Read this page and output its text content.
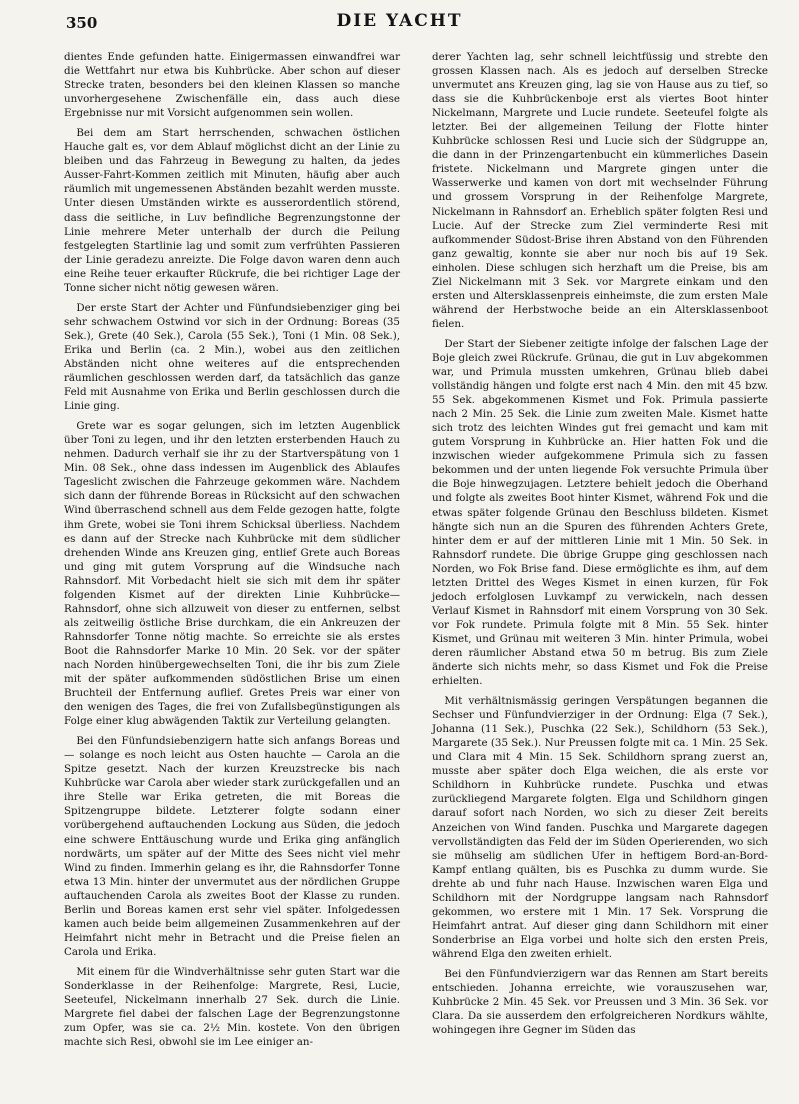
350	DIE YACHT

dientes Ende gefunden hatte. Einigermassen einwandfrei war die Wettfahrt nur etwa bis Kuhbrücke. Aber schon auf dieser Strecke traten, besonders bei den kleinen Klassen so manche unvorhergesehene Zwischenfälle ein, dass auch diese Ergebnisse nur mit Vorsicht aufgenommen sein wollen.

Bei dem am Start herrschenden, schwachen östlichen Hauche galt es, vor dem Ablauf möglichst dicht an der Linie zu bleiben und das Fahrzeug in Bewegung zu halten, da jedes Ausser-Fahrt-Kommen zeitlich mit Minuten, häufig aber auch räumlich mit ungemessenen Abständen bezahlt werden musste. Unter diesen Umständen wirkte es ausserordentlich störend, dass die seitliche, in Luv befindliche Begrenzungstonne der Linie mehrere Meter unterhalb der durch die Peilung festgelegten Startlinie lag und somit zum verfrühten Passieren der Linie geradezu anreizte. Die Folge davon waren denn auch eine Reihe teuer erkaufter Rückrufe, die bei richtiger Lage der Tonne sicher nicht nötig gewesen wären.

Der erste Start der Achter und Fünfundsiebenziger ging bei sehr schwachem Ostwind vor sich in der Ordnung: Boreas (35 Sek.), Grete (40 Sek.), Carola (55 Sek.), Toni (1 Min. 08 Sek.), Erika und Berlin (ca. 2 Min.), wobei aus den zeitlichen Abständen nicht ohne weiteres auf die entsprechenden räumlichen geschlossen werden darf, da tatsächlich das ganze Feld mit Ausnahme von Erika und Berlin geschlossen durch die Linie ging.

Grete war es sogar gelungen, sich im letzten Augenblick über Toni zu legen, und ihr den letzten ersterbenden Hauch zu nehmen. Dadurch verhalf sie ihr zu der Startverspätung von 1 Min. 08 Sek., ohne dass indessen im Augenblick des Ablaufes Tageslicht zwischen die Fahrzeuge gekommen wäre. Nachdem sich dann der führende Boreas in Rücksicht auf den schwachen Wind überraschend schnell aus dem Felde gezogen hatte, folgte ihm Grete, wobei sie Toni ihrem Schicksal überliess. Nachdem es dann auf der Strecke nach Kuhbrücke mit dem südlicher drehenden Winde ans Kreuzen ging, entlief Grete auch Boreas und ging mit gutem Vorsprung auf die Windsuche nach Rahnsdorf. Mit Vorbedacht hielt sie sich mit dem ihr später folgenden Kismet auf der direkten Linie Kuhbrücke—Rahnsdorf, ohne sich allzuweit von dieser zu entfernen, selbst als zeitweilig östliche Brise durchkam, die ein Ankreuzen der Rahnsdorfer Tonne nötig machte. So erreichte sie als erstes Boot die Rahnsdorfer Marke 10 Min. 20 Sek. vor der später nach Norden hinübergewechselten Toni, die ihr bis zum Ziele mit der später aufkommenden südöstlichen Brise um einen Bruchteil der Entfernung auflief. Gretes Preis war einer von den wenigen des Tages, die frei von Zufallsbegünstigungen als Folge einer klug abwägenden Taktik zur Verteilung gelangten.

Bei den Fünfundsiebenzigern hatte sich anfangs Boreas und — solange es noch leicht aus Osten hauchte — Carola an die Spitze gesetzt. Nach der kurzen Kreuzstrecke bis nach Kuhbrücke war Carola aber wieder stark zurückgefallen und an ihre Stelle war Erika getreten, die mit Boreas die Spitzengruppe bildete. Letzterer folgte sodann einer vorübergehend auftauchenden Lockung aus Süden, die jedoch eine schwere Enttäuschung wurde und Erika ging anfänglich nordwärts, um später auf der Mitte des Sees nicht viel mehr Wind zu finden. Immerhin gelang es ihr, die Rahnsdorfer Tonne etwa 13 Min. hinter der unvermutet aus der nördlichen Gruppe auftauchenden Carola als zweites Boot der Klasse zu runden. Berlin und Boreas kamen erst sehr viel später. Infolgedessen kamen auch beide beim allgemeinen Zusammenkehren auf der Heimfahrt nicht mehr in Betracht und die Preise fielen an Carola und Erika.

Mit einem für die Windverhältnisse sehr guten Start war die Sonderklasse in der Reihenfolge: Margrete, Resi, Lucie, Seeteufel, Nickelmann innerhalb 27 Sek. durch die Linie. Margrete fiel dabei der falschen Lage der Begrenzungstonne zum Opfer, was sie ca. 2½ Min. kostete. Von den übrigen machte sich Resi, obwohl sie im Lee einiger an-

derer Yachten lag, sehr schnell leichtfüssig und strebte den grossen Klassen nach. Als es jedoch auf derselben Strecke unvermutet ans Kreuzen ging, lag sie von Hause aus zu tief, so dass sie die Kuhbrückenboje erst als viertes Boot hinter Nickelmann, Margrete und Lucie rundete. Seeteufel folgte als letzter. Bei der allgemeinen Teilung der Flotte hinter Kuhbrücke schlossen Resi und Lucie sich der Südgruppe an, die dann in der Prinzengartenbucht ein kümmerliches Dasein fristete. Nickelmann und Margrete gingen unter die Wasserwerke und kamen von dort mit wechselnder Führung und grossem Vorsprung in der Reihenfolge Margrete, Nickelmann in Rahnsdorf an. Erheblich später folgten Resi und Lucie. Auf der Strecke zum Ziel verminderte Resi mit aufkommender Südost-Brise ihren Abstand von den Führenden ganz gewaltig, konnte sie aber nur noch bis auf 19 Sek. einholen. Diese schlugen sich herzhaft um die Preise, bis am Ziel Nickelmann mit 3 Sek. vor Margrete einkam und den ersten und Altersklassenpreis einheimste, die zum ersten Male während der Herbstwoche beide an ein Altersklassenboot fielen.

Der Start der Siebener zeitigte infolge der falschen Lage der Boje gleich zwei Rückrufe. Grünau, die gut in Luv abgekommen war, und Primula mussten umkehren, Grünau blieb dabei vollständig hängen und folgte erst nach 4 Min. den mit 45 bzw. 55 Sek. abgekommenen Kismet und Fok. Primula passierte nach 2 Min. 25 Sek. die Linie zum zweiten Male. Kismet hatte sich trotz des leichten Windes gut frei gemacht und kam mit gutem Vorsprung in Kuhbrücke an. Hier hatten Fok und die inzwischen wieder aufgekommene Primula sich zu fassen bekommen und der unten liegende Fok versuchte Primula über die Boje hinwegzujagen. Letztere behielt jedoch die Oberhand und folgte als zweites Boot hinter Kismet, während Fok und die etwas später folgende Grünau den Beschluss bildeten. Kismet hängte sich nun an die Spuren des führenden Achters Grete, hinter dem er auf der mittleren Linie mit 1 Min. 50 Sek. in Rahnsdorf rundete. Die übrige Gruppe ging geschlossen nach Norden, wo Fok Brise fand. Diese ermöglichte es ihm, auf dem letzten Drittel des Weges Kismet in einen kurzen, für Fok jedoch erfolglosen Luvkampf zu verwickeln, nach dessen Verlauf Kismet in Rahnsdorf mit einem Vorsprung von 30 Sek. vor Fok rundete. Primula folgte mit 8 Min. 55 Sek. hinter Kismet, und Grünau mit weiteren 3 Min. hinter Primula, wobei deren räumlicher Abstand etwa 50 m betrug. Bis zum Ziele änderte sich nichts mehr, so dass Kismet und Fok die Preise erhielten.

Mit verhältnismässig geringen Verspätungen begannen die Sechser und Fünfundvierziger in der Ordnung: Elga (7 Sek.), Johanna (11 Sek.), Puschka (22 Sek.), Schildhorn (53 Sek.), Margarete (35 Sek.). Nur Preussen folgte mit ca. 1 Min. 25 Sek. und Clara mit 4 Min. 15 Sek. Schildhorn sprang zuerst an, musste aber später doch Elga weichen, die als erste vor Schildhorn in Kuhbrücke rundete. Puschka und etwas zurückliegend Margarete folgten. Elga und Schildhorn gingen darauf sofort nach Norden, wo sich zu dieser Zeit bereits Anzeichen von Wind fanden. Puschka und Margarete dagegen vervollständigten das Feld der im Süden Operierenden, wo sich sie mühselig am südlichen Ufer in heftigem Bord-an-Bord-Kampf entlang quälten, bis es Puschka zu dumm wurde. Sie drehte ab und fuhr nach Hause. Inzwischen waren Elga und Schildhorn mit der Nordgruppe langsam nach Rahnsdorf gekommen, wo erstere mit 1 Min. 17 Sek. Vorsprung die Heimfahrt antrat. Auf dieser ging dann Schildhorn mit einer Sonderbrise an Elga vorbei und holte sich den ersten Preis, während Elga den zweiten erhielt.

Bei den Fünfundvierzigern war das Rennen am Start bereits entschieden. Johanna erreichte, wie vorauszusehen war, Kuhbrücke 2 Min. 45 Sek. vor Preussen und 3 Min. 36 Sek. vor Clara. Da sie ausserdem den erfolgreicheren Nordkurs wählte, wohingegen ihre Gegner im Süden das
